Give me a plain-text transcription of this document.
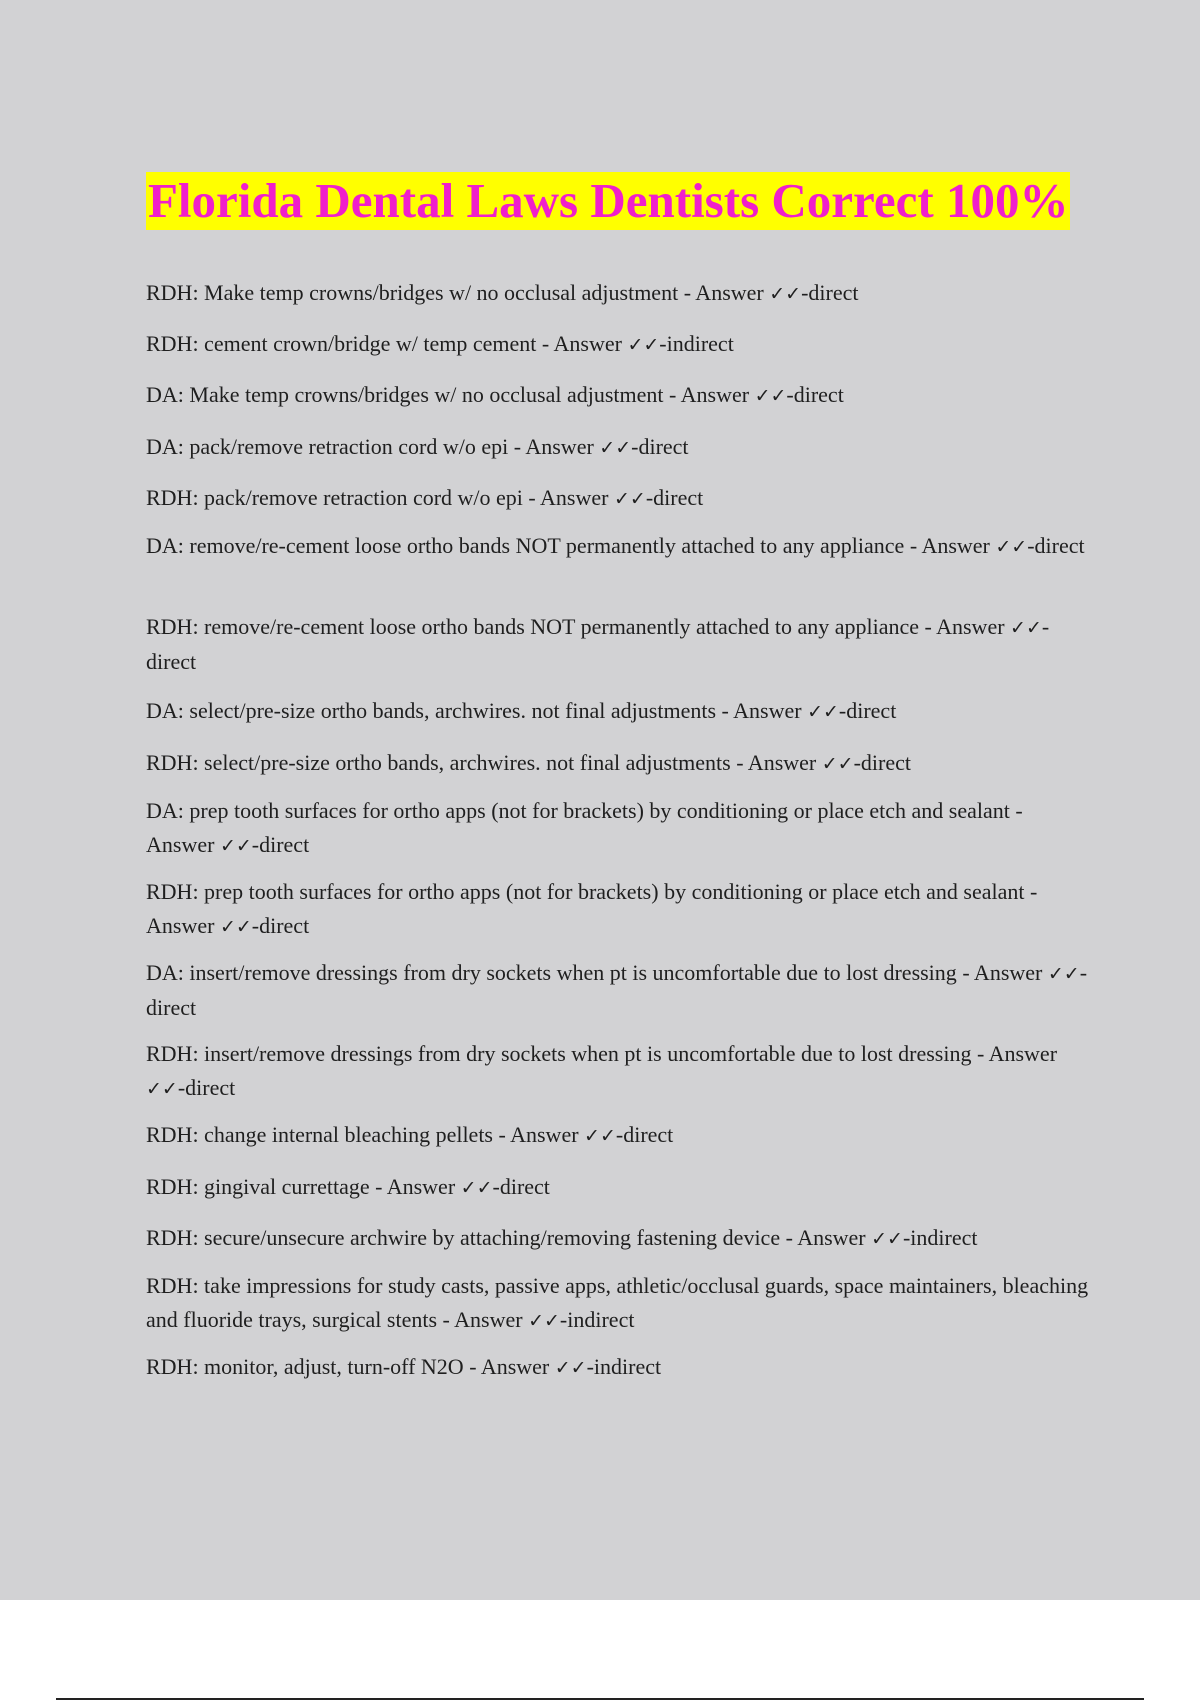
Florida Dental Laws Dentists Correct 100%
RDH: Make temp crowns/bridges w/ no occlusal adjustment - Answer ✓✓-direct
RDH: cement crown/bridge w/ temp cement - Answer ✓✓-indirect
DA: Make temp crowns/bridges w/ no occlusal adjustment - Answer ✓✓-direct
DA: pack/remove retraction cord w/o epi - Answer ✓✓-direct
RDH: pack/remove retraction cord w/o epi - Answer ✓✓-direct
DA: remove/re-cement loose ortho bands NOT permanently attached to any appliance - Answer ✓✓-direct
RDH: remove/re-cement loose ortho bands NOT permanently attached to any appliance - Answer ✓✓-direct
DA: select/pre-size ortho bands, archwires. not final adjustments - Answer ✓✓-direct
RDH: select/pre-size ortho bands, archwires. not final adjustments - Answer ✓✓-direct
DA: prep tooth surfaces for ortho apps (not for brackets) by conditioning or place etch and sealant - Answer ✓✓-direct
RDH: prep tooth surfaces for ortho apps (not for brackets) by conditioning or place etch and sealant - Answer ✓✓-direct
DA: insert/remove dressings from dry sockets when pt is uncomfortable due to lost dressing - Answer ✓✓-direct
RDH: insert/remove dressings from dry sockets when pt is uncomfortable due to lost dressing - Answer ✓✓-direct
RDH: change internal bleaching pellets - Answer ✓✓-direct
RDH: gingival currettage - Answer ✓✓-direct
RDH: secure/unsecure archwire by attaching/removing fastening device - Answer ✓✓-indirect
RDH: take impressions for study casts, passive apps, athletic/occlusal guards, space maintainers, bleaching and fluoride trays, surgical stents - Answer ✓✓-indirect
RDH: monitor, adjust, turn-off N2O - Answer ✓✓-indirect
